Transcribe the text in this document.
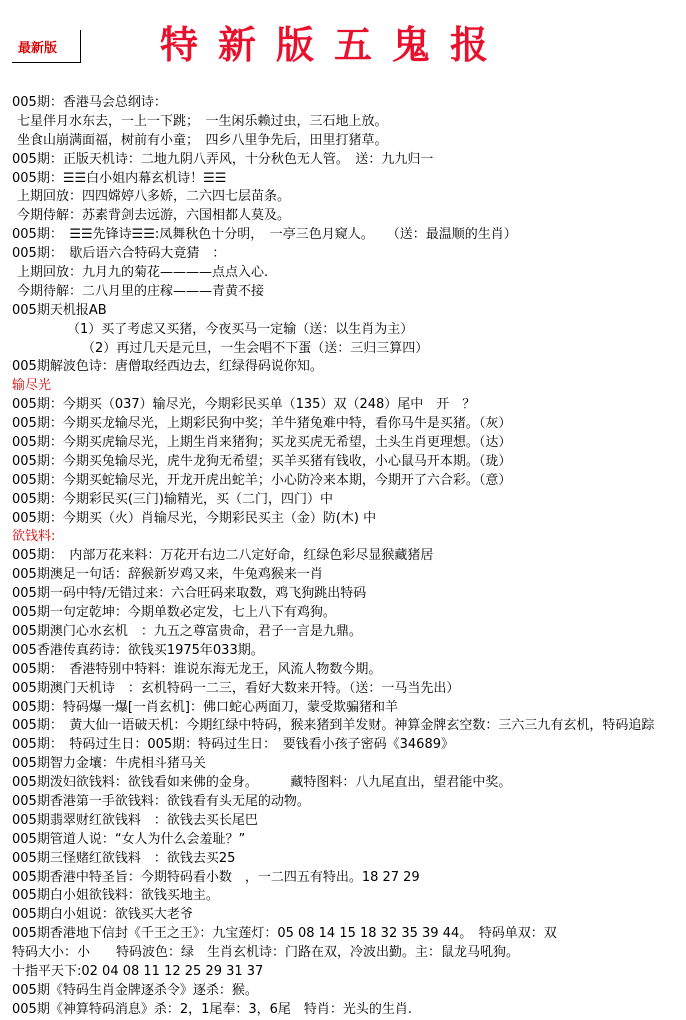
最新版	特新版五鬼报
005期：香港马会总纲诗：
七星伴月水东去，一上一下跳；　一生闲乐赖过虫，三石地上放。
坐食山崩满面福，树前有小童；　四乡八里争先后，田里打猪草。
005期：正版天机诗：二地九阴八弄风，十分秋色无人管。　送：九九归一
005期：☰☰白小姐内幕玄机诗！☰☰
上期回放：四四嫦婷八多娇，二六四七层苗条。
今期侍解：苏素背剑去远游，六国相都人莫及。
005期：　☰☰先锋诗☰☰:凤舞秋色十分明，　一亭三色月窥人。　　（送：最温顺的生肖）
005期：　歇后语六合特码大竟猜　：
上期回放：九月九的菊花————点点入心.
今期待解：二八月里的庄稼———青黄不接
005期天机报AB
（1）买了考虑又买猪，今夜买马一定输（送：以生肖为主）
（2）再过几天是元旦，一生会唱不下蛋（送：三归三算四）
005期解波色诗：唐僧取经西边去，红绿得码说你知。
输尽光
005期：今期买（037）输尽光，今期彩民买单（135）双（248）尾中　开　？
005期：今期买龙输尽光，上期彩民狗中奖；羊牛猪兔难中特，看你马牛是买猪。（灰）
005期：今期买虎输尽光，上期生肖来猪狗；买龙买虎无希望，土头生肖更理想。（达）
005期：今期买兔输尽光，虎牛龙狗无希望；买羊买猪有钱收，小心鼠马开本期。（珑）
005期：今期买蛇输尽光，开龙开虎出蛇羊；小心防冷来本期，今期开了六合彩。（意）
005期：今期彩民买(三门)输精光，买（二门，四门）中
005期：今期买（火）肖输尽光，今期彩民买主（金）防(木) 中
欲钱料:
005期：　内部万花来料：万花开右边二八定好命，红绿色彩尽显猴藏猪居
005期澳足一句话：辞猴新岁鸡又来，牛兔鸡猴来一肖
005期一码中特/无错过来：六合旺码来取数，鸡飞狗跳出特码
005期一句定乾坤：今期单数必定发，七上八下有鸡狗。
005期澳门心水玄机　：九五之尊富贵命，君子一言是九鼎。
005香港传真药诗：欲钱买1975年033期。
005期：　香港特别中特料：谁说东海无龙王，风流人物数今期。
005期澳门天机诗　：玄机特码一二三，看好大数来开特。（送：一马当先出）
005期：特码爆一爆[一肖玄机]：佛口蛇心两面刀，蒙受欺骗猪和羊
005期：　黄大仙一语破天机：今期红绿中特码，猴来猪到羊发财。神算金牌玄空数：三六三九有玄机，特码追踪
005期：　特码过生日：005期：特码过生日：　要钱看小孩子密码《34689》
005期智力金壤：牛虎相斗猪马关
005期泼妇欲钱料：欲钱看如来佛的金身。　　　藏特图料：八九尾直出，望君能中奖。
005期香港第一手欲钱料：欲钱看有头无尾的动物。
005期翡翠财红欲钱料　：欲钱去买长尾巴
005期管道人说：“女人为什么会羞耻？”
005期三怪赌红欲钱料　：欲钱去买25
005期香港中特圣旨：今期特码看小数　，一二四五有特出。18 27 29
005期白小姐欲钱料：欲钱买地主。
005期白小姐说：欲钱买大老爷
005期香港地下信封《千王之王》：九宝莲灯：05 08 14 15 18 32 35 39 44。　特码单双：双
特码大小：小　　特码波色：绿　生肖玄机诗：门路在双，冷波出勤。主：鼠龙马吼狗。
十指平天下:02 04 08 11 12 25 29 31 37
005期《特码生肖金牌逐杀令》逐杀：猴。
005期《神算特码消息》杀：2，1尾奉：3，6尾　特肖：光头的生肖.
